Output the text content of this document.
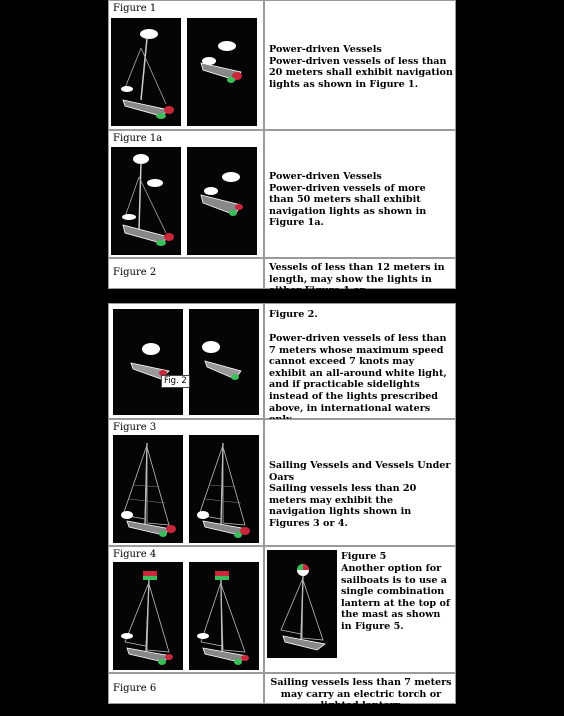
Figure 1
Power-driven Vessels
Power-driven vessels of less than 20 meters shall exhibit navigation lights as shown in Figure 1.
Figure 1a
Power-driven Vessels
Power-driven vessels of more than 50 meters shall exhibit navigation lights as shown in Figure 1a.
Figure 2	Vessels of less than 12 meters in length, may show the lights in either Figure 1 or
Fig. 2
Figure 2.
Power-driven vessels of less than 7 meters whose maximum speed cannot exceed 7 knots may exhibit an all-around white light, and if practicable sidelights instead of the lights prescribed above, in international waters
Figure 3
Sailing Vessels and Vessels Under Oars
Sailing vessels less than 20 meters may exhibit the navigation lights shown in Figures 3 or 4.
Figure 4	Figure 5
Another option for sailboats is to use a single combination lantern at the top of the mast as shown in Figure 5.
Figure 6
Sailing vessels less than 7 meters may carry an electric torch or lighted lantern
